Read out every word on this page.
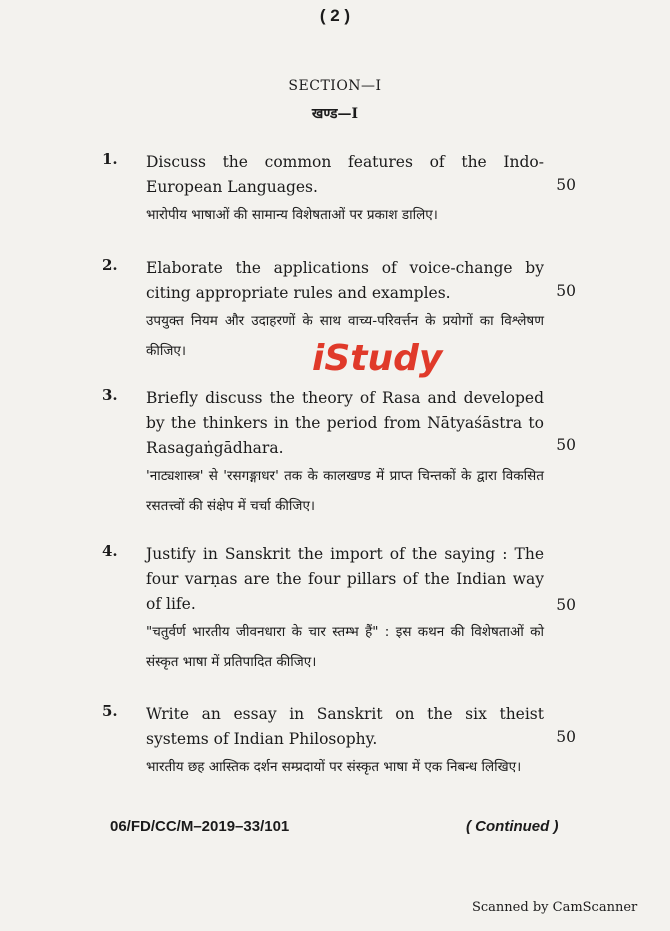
( 2 )
SECTION—I
खण्ड—I
1. Discuss the common features of the Indo-European Languages.	50
भारोपीय भाषाओं की सामान्य विशेषताओं पर प्रकाश डालिए।
2. Elaborate the applications of voice-change by citing appropriate rules and examples.	50
उपयुक्त नियम और उदाहरणों के साथ वाच्य-परिवर्त्तन के प्रयोगों का विश्लेषण कीजिए।	iStudy
3. Briefly discuss the theory of Rasa and developed by the thinkers in the period from Nātyaśāstra to Rasagaṅgādhara.	50
'नाट्यशास्त्र' से 'रसगङ्गाधर' तक के कालखण्ड में प्राप्त चिन्तकों के द्वारा विकसित रसतत्त्वों की संक्षेप में चर्चा कीजिए।
4. Justify in Sanskrit the import of the saying : The four varṇas are the four pillars of the Indian way of life.	50
"चतुर्वर्ण भारतीय जीवनधारा के चार स्तम्भ हैं" : इस कथन की विशेषताओं को संस्कृत भाषा में प्रतिपादित कीजिए।
5. Write an essay in Sanskrit on the six theist systems of Indian Philosophy.	50
भारतीय छह आस्तिक दर्शन सम्प्रदायों पर संस्कृत भाषा में एक निबन्ध लिखिए।
06/FD/CC/M–2019–33/101	( Continued )
Scanned by CamScanner
